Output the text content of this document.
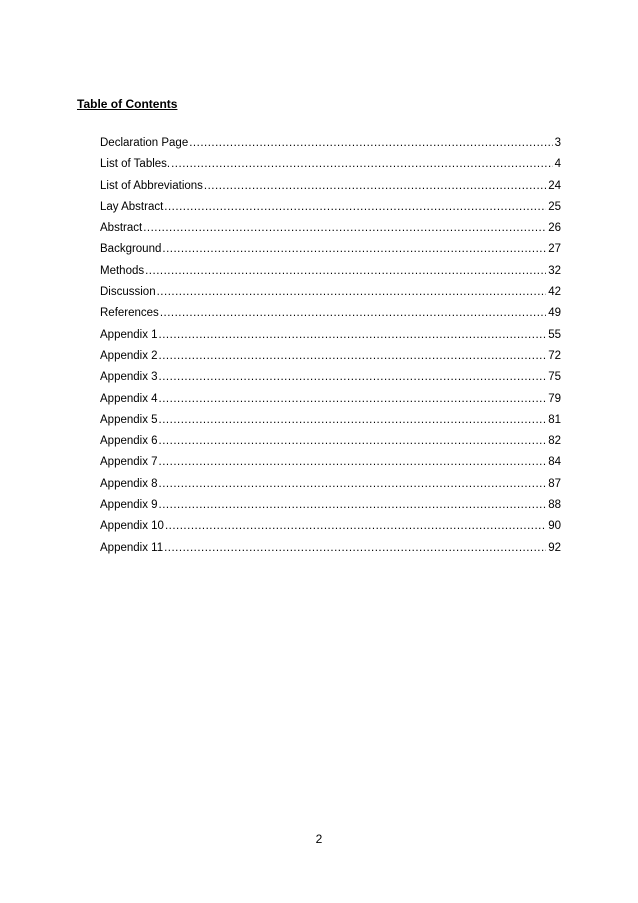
Table of Contents
Declaration Page .....	3
List of Tables. .....	4
List of Abbreviations .....	24
Lay Abstract .....	25
Abstract .....	26
Background .....	27
Methods .....	32
Discussion .....	42
References .....	49
Appendix 1 .....	55
Appendix 2 .....	72
Appendix 3 .....	75
Appendix 4 .....	79
Appendix 5 .....	81
Appendix 6 .....	82
Appendix 7 .....	84
Appendix 8 .....	87
Appendix 9 .....	88
Appendix 10 .....	90
Appendix 11 .....	92
2
